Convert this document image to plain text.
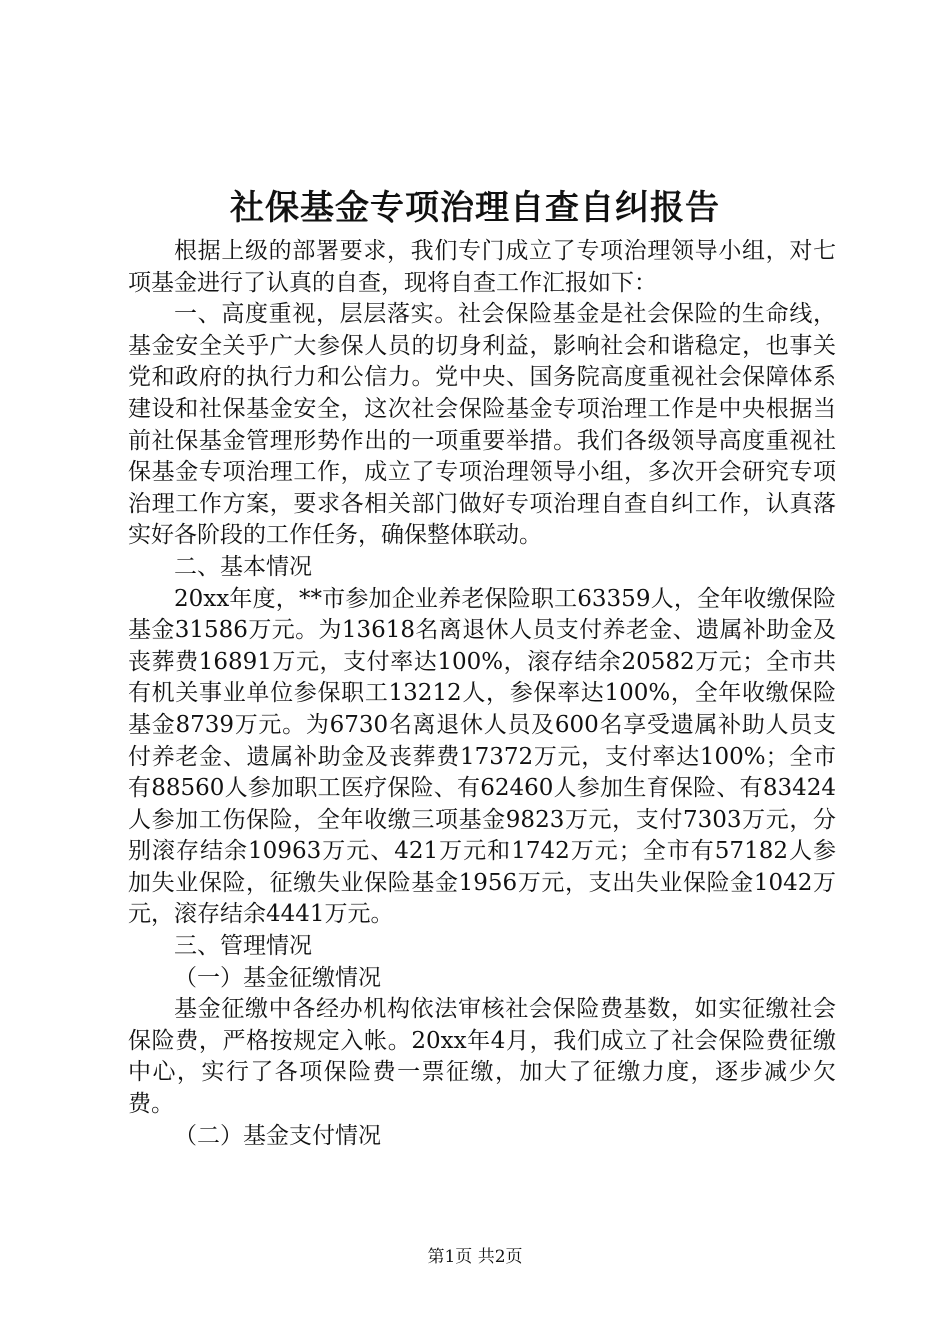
社保基金专项治理自查自纠报告

根据上级的部署要求，我们专门成立了专项治理领导小组，对七项基金进行了认真的自查，现将自查工作汇报如下：

一、高度重视，层层落实。社会保险基金是社会保险的生命线，基金安全关乎广大参保人员的切身利益，影响社会和谐稳定，也事关党和政府的执行力和公信力。党中央、国务院高度重视社会保障体系建设和社保基金安全，这次社会保险基金专项治理工作是中央根据当前社保基金管理形势作出的一项重要举措。我们各级领导高度重视社保基金专项治理工作，成立了专项治理领导小组，多次开会研究专项治理工作方案，要求各相关部门做好专项治理自查自纠工作，认真落实好各阶段的工作任务，确保整体联动。

二、基本情况

20xx年度，**市参加企业养老保险职工63359人，全年收缴保险基金31586万元。为13618名离退休人员支付养老金、遗属补助金及丧葬费16891万元，支付率达100%，滚存结余20582万元；全市共有机关事业单位参保职工13212人，参保率达100%，全年收缴保险基金8739万元。为6730名离退休人员及600名享受遗属补助人员支付养老金、遗属补助金及丧葬费17372万元，支付率达100%；全市有88560人参加职工医疗保险、有62460人参加生育保险、有83424人参加工伤保险，全年收缴三项基金9823万元，支付7303万元，分别滚存结余10963万元、421万元和1742万元；全市有57182人参加失业保险，征缴失业保险基金1956万元，支出失业保险金1042万元，滚存结余4441万元。

三、管理情况

（一）基金征缴情况

基金征缴中各经办机构依法审核社会保险费基数，如实征缴社会保险费，严格按规定入帐。20xx年4月，我们成立了社会保险费征缴中心，实行了各项保险费一票征缴，加大了征缴力度，逐步减少欠费。

（二）基金支付情况

第1页 共2页
